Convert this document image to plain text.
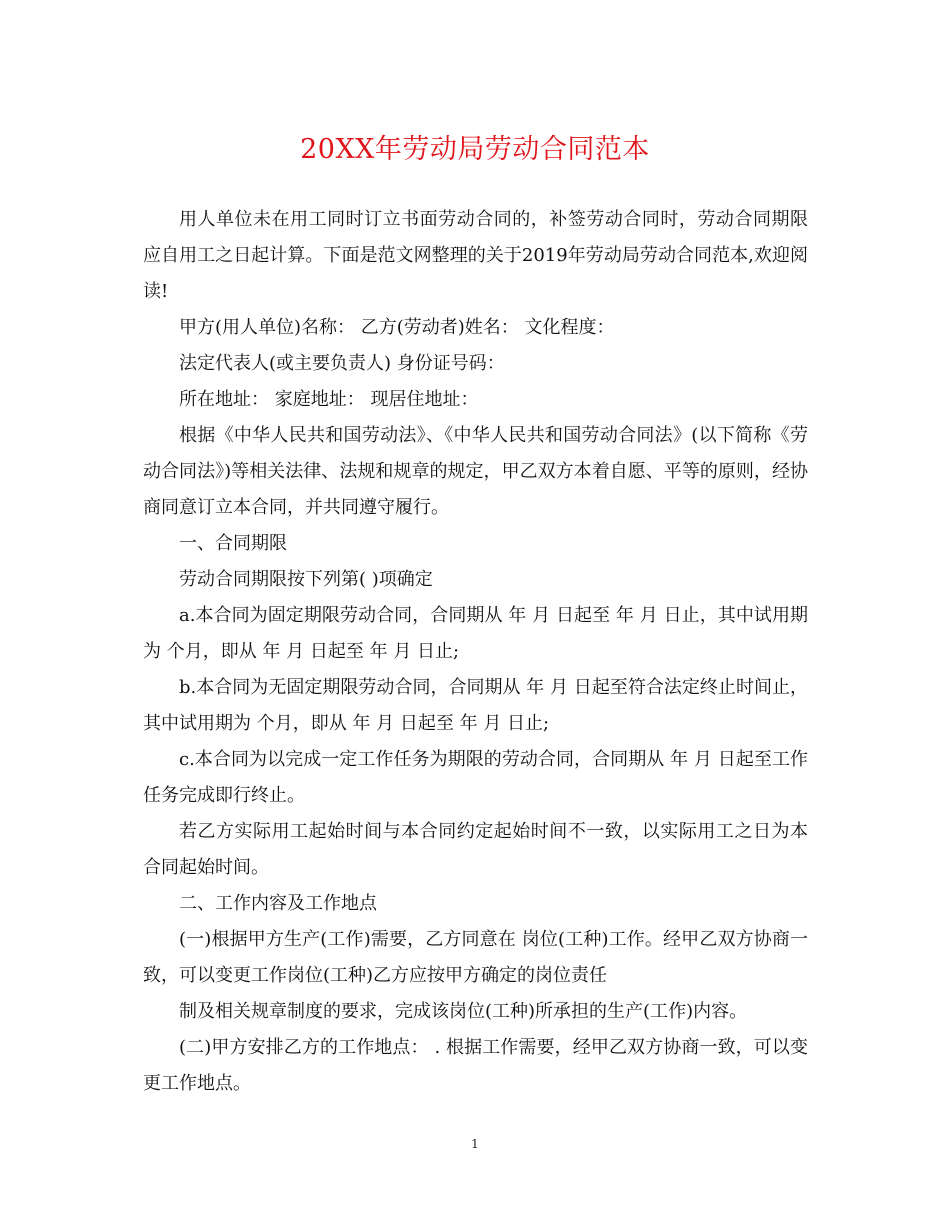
20XX年劳动局劳动合同范本

用人单位未在用工同时订立书面劳动合同的，补签劳动合同时，劳动合同期限应自用工之日起计算。下面是范文网整理的关于2019年劳动局劳动合同范本,欢迎阅读!

甲方(用人单位)名称： 乙方(劳动者)姓名： 文化程度：

法定代表人(或主要负责人) 身份证号码：

所在地址： 家庭地址： 现居住地址：

根据《中华人民共和国劳动法》、《中华人民共和国劳动合同法》(以下简称《劳动合同法》)等相关法律、法规和规章的规定，甲乙双方本着自愿、平等的原则，经协商同意订立本合同，并共同遵守履行。

一、合同期限

劳动合同期限按下列第( )项确定

a.本合同为固定期限劳动合同，合同期从 年 月 日起至 年 月 日止，其中试用期为 个月，即从 年 月 日起至 年 月 日止;

b.本合同为无固定期限劳动合同，合同期从 年 月 日起至符合法定终止时间止，其中试用期为 个月，即从 年 月 日起至 年 月 日止;

c.本合同为以完成一定工作任务为期限的劳动合同，合同期从 年 月 日起至工作任务完成即行终止。

若乙方实际用工起始时间与本合同约定起始时间不一致，以实际用工之日为本合同起始时间。

二、工作内容及工作地点

(一)根据甲方生产(工作)需要，乙方同意在 岗位(工种)工作。经甲乙双方协商一致，可以变更工作岗位(工种)乙方应按甲方确定的岗位责任

制及相关规章制度的要求，完成该岗位(工种)所承担的生产(工作)内容。

(二)甲方安排乙方的工作地点： . 根据工作需要，经甲乙双方协商一致，可以变更工作地点。

1
